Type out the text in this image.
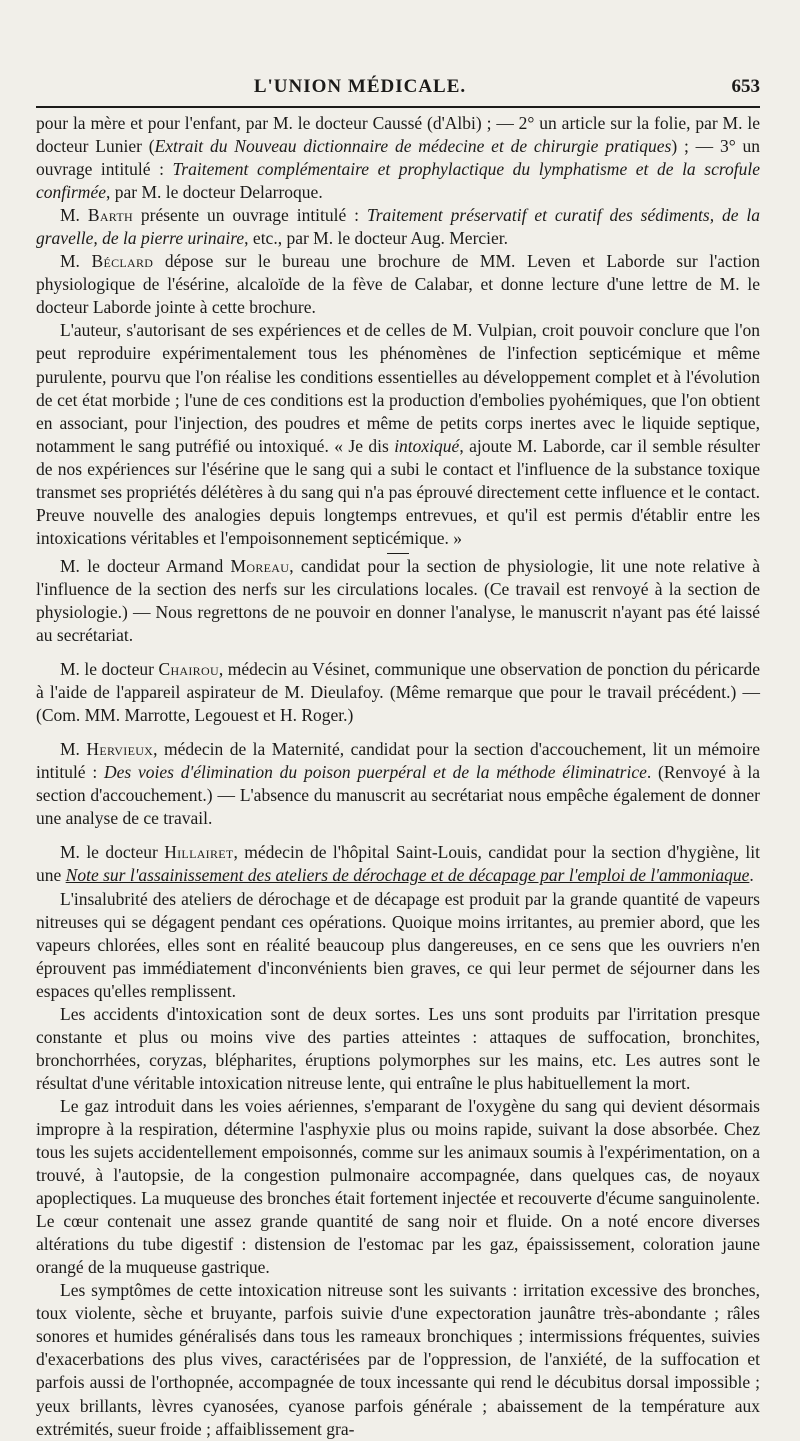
L'UNION MÉDICALE.	653

pour la mère et pour l'enfant, par M. le docteur Caussé (d'Albi) ; — 2° un article sur la folie, par M. le docteur Lunier (Extrait du Nouveau dictionnaire de médecine et de chirurgie pratiques) ; — 3° un ouvrage intitulé : Traitement complémentaire et prophylactique du lymphatisme et de la scrofule confirmée, par M. le docteur Delarroque.

M. Barth présente un ouvrage intitulé : Traitement préservatif et curatif des sédiments, de la gravelle, de la pierre urinaire, etc., par M. le docteur Aug. Mercier.

M. Béclard dépose sur le bureau une brochure de MM. Leven et Laborde sur l'action physiologique de l'ésérine, alcaloïde de la fève de Calabar, et donne lecture d'une lettre de M. le docteur Laborde jointe à cette brochure.

L'auteur, s'autorisant de ses expériences et de celles de M. Vulpian, croit pouvoir conclure que l'on peut reproduire expérimentalement tous les phénomènes de l'infection septicémique et même purulente, pourvu que l'on réalise les conditions essentielles au développement complet et à l'évolution de cet état morbide ; l'une de ces conditions est la production d'embolies pyohémiques, que l'on obtient en associant, pour l'injection, des poudres et même de petits corps inertes avec le liquide septique, notamment le sang putréfié ou intoxiqué. « Je dis intoxiqué, ajoute M. Laborde, car il semble résulter de nos expériences sur l'ésérine que le sang qui a subi le contact et l'influence de la substance toxique transmet ses propriétés délétères à du sang qui n'a pas éprouvé directement cette influence et le contact. Preuve nouvelle des analogies depuis longtemps entrevues, et qu'il est permis d'établir entre les intoxications véritables et l'empoisonnement septicémique. »

M. le docteur Armand Moreau, candidat pour la section de physiologie, lit une note relative à l'influence de la section des nerfs sur les circulations locales. (Ce travail est renvoyé à la section de physiologie.) — Nous regrettons de ne pouvoir en donner l'analyse, le manuscrit n'ayant pas été laissé au secrétariat.

M. le docteur Chairou, médecin au Vésinet, communique une observation de ponction du péricarde à l'aide de l'appareil aspirateur de M. Dieulafoy. (Même remarque que pour le travail précédent.) — (Com. MM. Marrotte, Legouest et H. Roger.)

M. Hervieux, médecin de la Maternité, candidat pour la section d'accouchement, lit un mémoire intitulé : Des voies d'élimination du poison puerpéral et de la méthode éliminatrice. (Renvoyé à la section d'accouchement.) — L'absence du manuscrit au secrétariat nous empêche également de donner une analyse de ce travail.

M. le docteur Hillairet, médecin de l'hôpital Saint-Louis, candidat pour la section d'hygiène, lit une Note sur l'assainissement des ateliers de dérochage et de décapage par l'emploi de l'ammoniaque.

L'insalubrité des ateliers de dérochage et de décapage est produit par la grande quantité de vapeurs nitreuses qui se dégagent pendant ces opérations. Quoique moins irritantes, au premier abord, que les vapeurs chlorées, elles sont en réalité beaucoup plus dangereuses, en ce sens que les ouvriers n'en éprouvent pas immédiatement d'inconvénients bien graves, ce qui leur permet de séjourner dans les espaces qu'elles remplissent.

Les accidents d'intoxication sont de deux sortes. Les uns sont produits par l'irritation presque constante et plus ou moins vive des parties atteintes : attaques de suffocation, bronchites, bronchorrhées, coryzas, blépharites, éruptions polymorphes sur les mains, etc. Les autres sont le résultat d'une véritable intoxication nitreuse lente, qui entraîne le plus habituellement la mort.

Le gaz introduit dans les voies aériennes, s'emparant de l'oxygène du sang qui devient désormais impropre à la respiration, détermine l'asphyxie plus ou moins rapide, suivant la dose absorbée. Chez tous les sujets accidentellement empoisonnés, comme sur les animaux soumis à l'expérimentation, on a trouvé, à l'autopsie, de la congestion pulmonaire accompagnée, dans quelques cas, de noyaux apoplectiques. La muqueuse des bronches était fortement injectée et recouverte d'écume sanguinolente. Le cœur contenait une assez grande quantité de sang noir et fluide. On a noté encore diverses altérations du tube digestif : distension de l'estomac par les gaz, épaississement, coloration jaune orangé de la muqueuse gastrique.

Les symptômes de cette intoxication nitreuse sont les suivants : irritation excessive des bronches, toux violente, sèche et bruyante, parfois suivie d'une expectoration jaunâtre très-abondante ; râles sonores et humides généralisés dans tous les rameaux bronchiques ; intermissions fréquentes, suivies d'exacerbations des plus vives, caractérisées par de l'oppression, de l'anxiété, de la suffocation et parfois aussi de l'orthopnée, accompagnée de toux incessante qui rend le décubitus dorsal impossible ; yeux brillants, lèvres cyanosées, cyanose parfois générale ; abaissement de la température aux extrémités, sueur froide ; affaiblissement gra-
